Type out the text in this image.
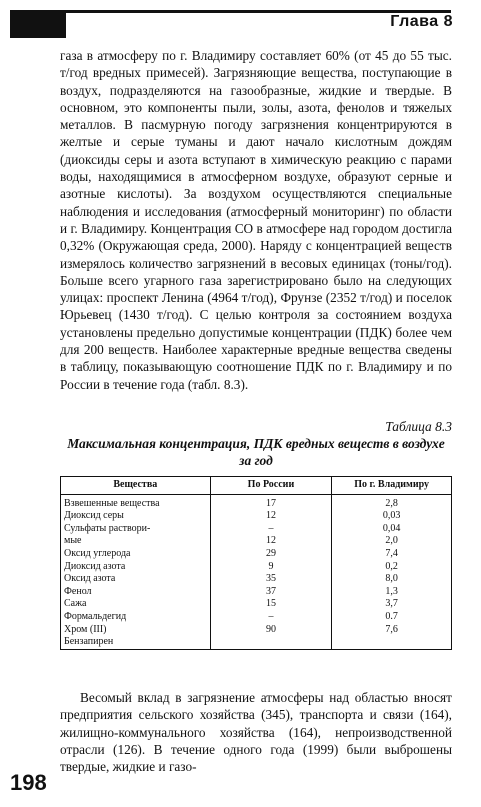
Глава 8

газа в атмосферу по г. Владимиру составляет 60% (от 45 до 55 тыс. т/год вредных примесей). Загрязняющие вещества, поступающие в воздух, подразделяются на газообразные, жидкие и твердые. В основном, это компоненты пыли, золы, азота, фенолов и тяжелых металлов. В пасмурную погоду загрязнения концентрируются в желтые и серые туманы и дают начало кислотным дождям (диоксиды серы и азота вступают в химическую реакцию с парами воды, находящимися в атмосферном воздухе, образуют серные и азотные кислоты). За воздухом осуществляются специальные наблюдения и исследования (атмосферный мониторинг) по области и г. Владимиру. Концентрация CO в атмосфере над городом достигла 0,32% (Окружающая среда, 2000). Наряду с концентрацией веществ измерялось количество загрязнений в весовых единицах (тоны/год). Больше всего угарного газа зарегистрировано было на следующих улицах: проспект Ленина (4964 т/год), Фрунзе (2352 т/год) и поселок Юрьевец (1430 т/год). С целью контроля за состоянием воздуха установлены предельно допустимые концентрации (ПДК) более чем для 200 веществ. Наиболее характерные вредные вещества сведены в таблицу, показывающую соотношение ПДК по г. Владимиру и по России в течение года (табл. 8.3).

Таблица 8.3
Максимальная концентрация, ПДК вредных веществ в воздухе за год
Вещества	По России	По г. Владимиру
Взвешенные вещества	17	2,8
Диоксид серы	12	0,03
Сульфаты раствори-	–	0,04
мые	12	2,0
Оксид углерода	29	7,4
Диоксид азота	9	0,2
Оксид азота	35	8,0
Фенол	37	1,3
Сажа	15	3,7
Формальдегид	–	0.7
Хром (III)	90	7,6
Бензапирен		
Весомый вклад в загрязнение атмосферы над областью вносят предприятия сельского хозяйства (345), транспорта и связи (164), жилищно-коммунального хозяйства (164), непроизводственной отрасли (126). В течение одного года (1999) были выброшены твердые, жидкие и газо-
198
